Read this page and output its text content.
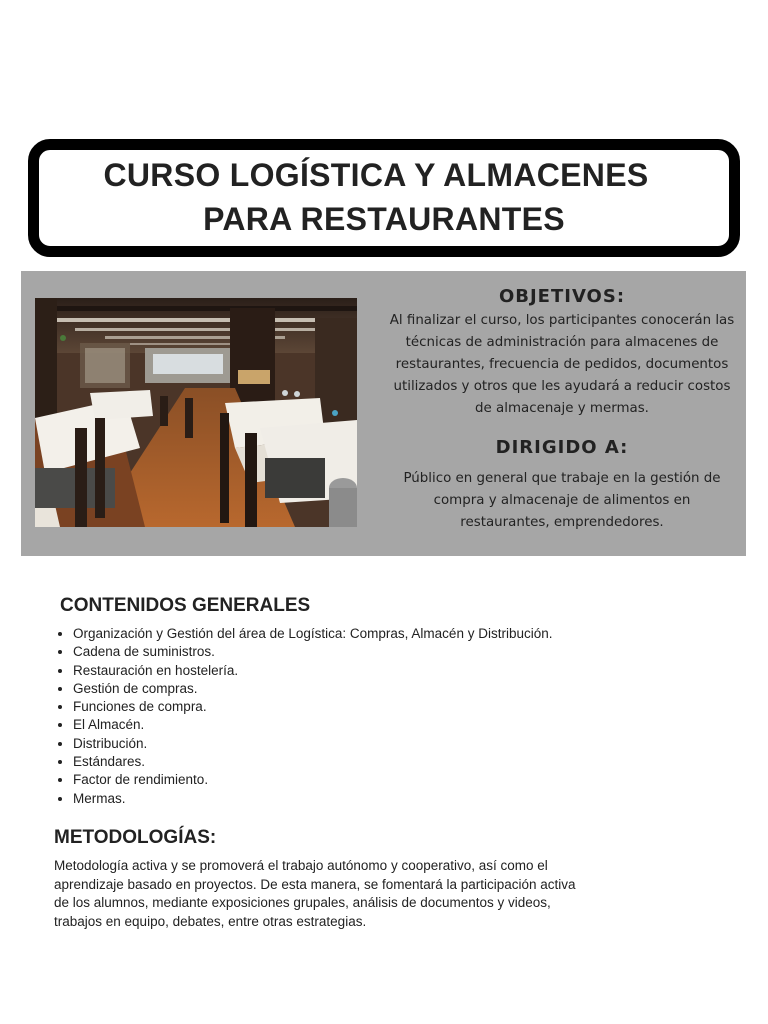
CURSO LOGÍSTICA Y ALMACENES
PARA RESTAURANTES
OBJETIVOS:
Al finalizar el curso, los participantes conocerán las
técnicas de administración para almacenes de
restaurantes, frecuencia de pedidos, documentos
utilizados y otros que les ayudará a reducir costos
de almacenaje y mermas.
DIRIGIDO A:
Público en general que trabaje en la gestión de
compra y almacenaje de alimentos en
restaurantes, emprendedores.
CONTENIDOS GENERALES
• Organización y Gestión del área de Logística: Compras, Almacén y Distribución.
• Cadena de suministros.
• Restauración en hostelería.
• Gestión de compras.
• Funciones de compra.
• El Almacén.
• Distribución.
• Estándares.
• Factor de rendimiento.
• Mermas.
METODOLOGÍAS:
Metodología activa y se promoverá el trabajo autónomo y cooperativo, así como el
aprendizaje basado en proyectos. De esta manera, se fomentará la participación activa
de los alumnos, mediante exposiciones grupales, análisis de documentos y videos,
trabajos en equipo, debates, entre otras estrategias.
